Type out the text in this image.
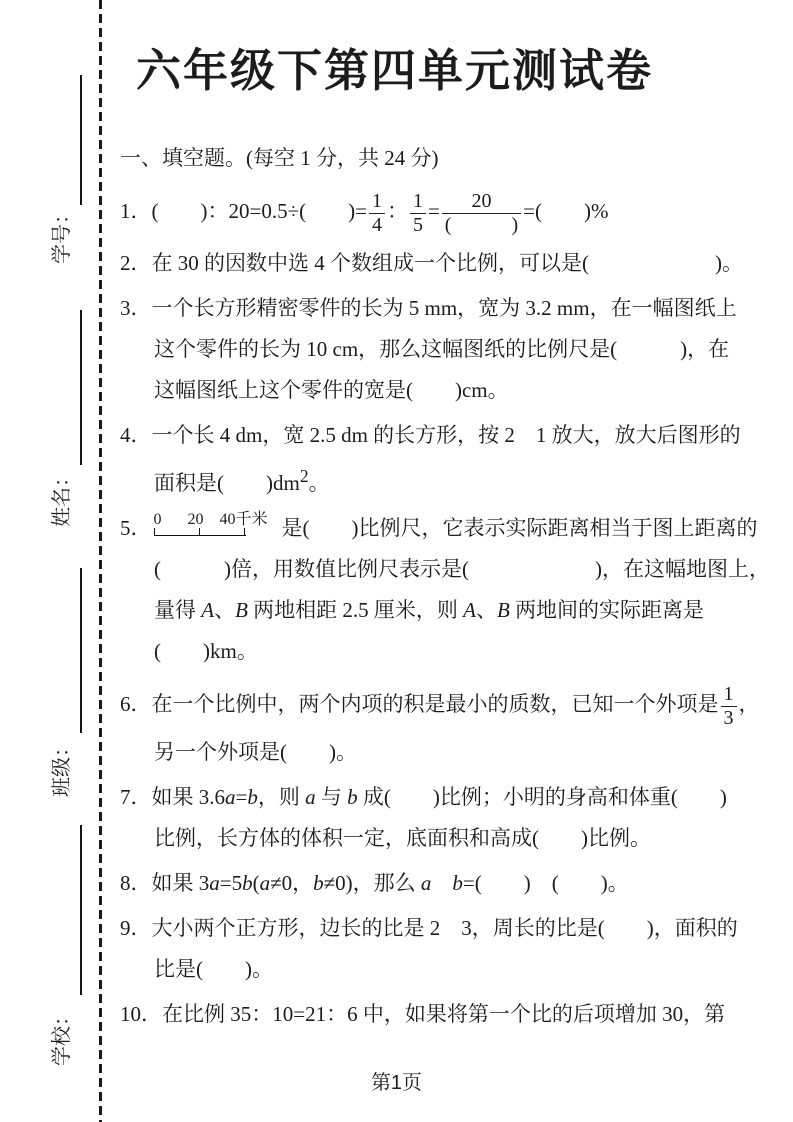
学号：
姓名：
班级：
学校：
六年级下第四单元测试卷
一、填空题。(每空 1 分，共 24 分)
1．(　　)：20=0.5÷(　　)= $\frac{1}{4}$ ： $\frac{1}{5} = \frac{20}{( )}$ =(　　)%
2．在 30 的因数中选 4 个数组成一个比例，可以是(　　　　　　)。
3．一个长方形精密零件的长为 5 mm，宽为 3.2 mm，在一幅图纸上
这个零件的长为 10 cm，那么这幅图纸的比例尺是(　　　)，在
这幅图纸上这个零件的宽是(　　)cm。
4．一个长 4 dm，宽 2.5 dm 的长方形，按 2　1 放大，放大后图形的
面积是(　　)$dm^2$。
5． 0 20 40千米 是(　　)比例尺，它表示实际距离相当于图上距离的
(　　　)倍，用数值比例尺表示是(　　　　　　)，在这幅地图上，
量得 A、B 两地相距 2.5 厘米，则 A、B 两地间的实际距离是
(　　)km。
6．在一个比例中，两个内项的积是最小的质数，已知一个外项是 $\frac{1}{3}$ ，
另一个外项是(　　)。
7．如果 3.6a=b，则 a 与 b 成(　　)比例；小明的身高和体重(　　)
比例，长方体的体积一定，底面积和高成(　　)比例。
8．如果 3a=5b(a≠0，b≠0)，那么 a　 b=(　　)　(　　)。
9．大小两个正方形，边长的比是 2　3，周长的比是(　　)，面积的
比是(　　)。
10．在比例 35：10=21：6 中，如果将第一个比的后项增加 30，第
第1页
